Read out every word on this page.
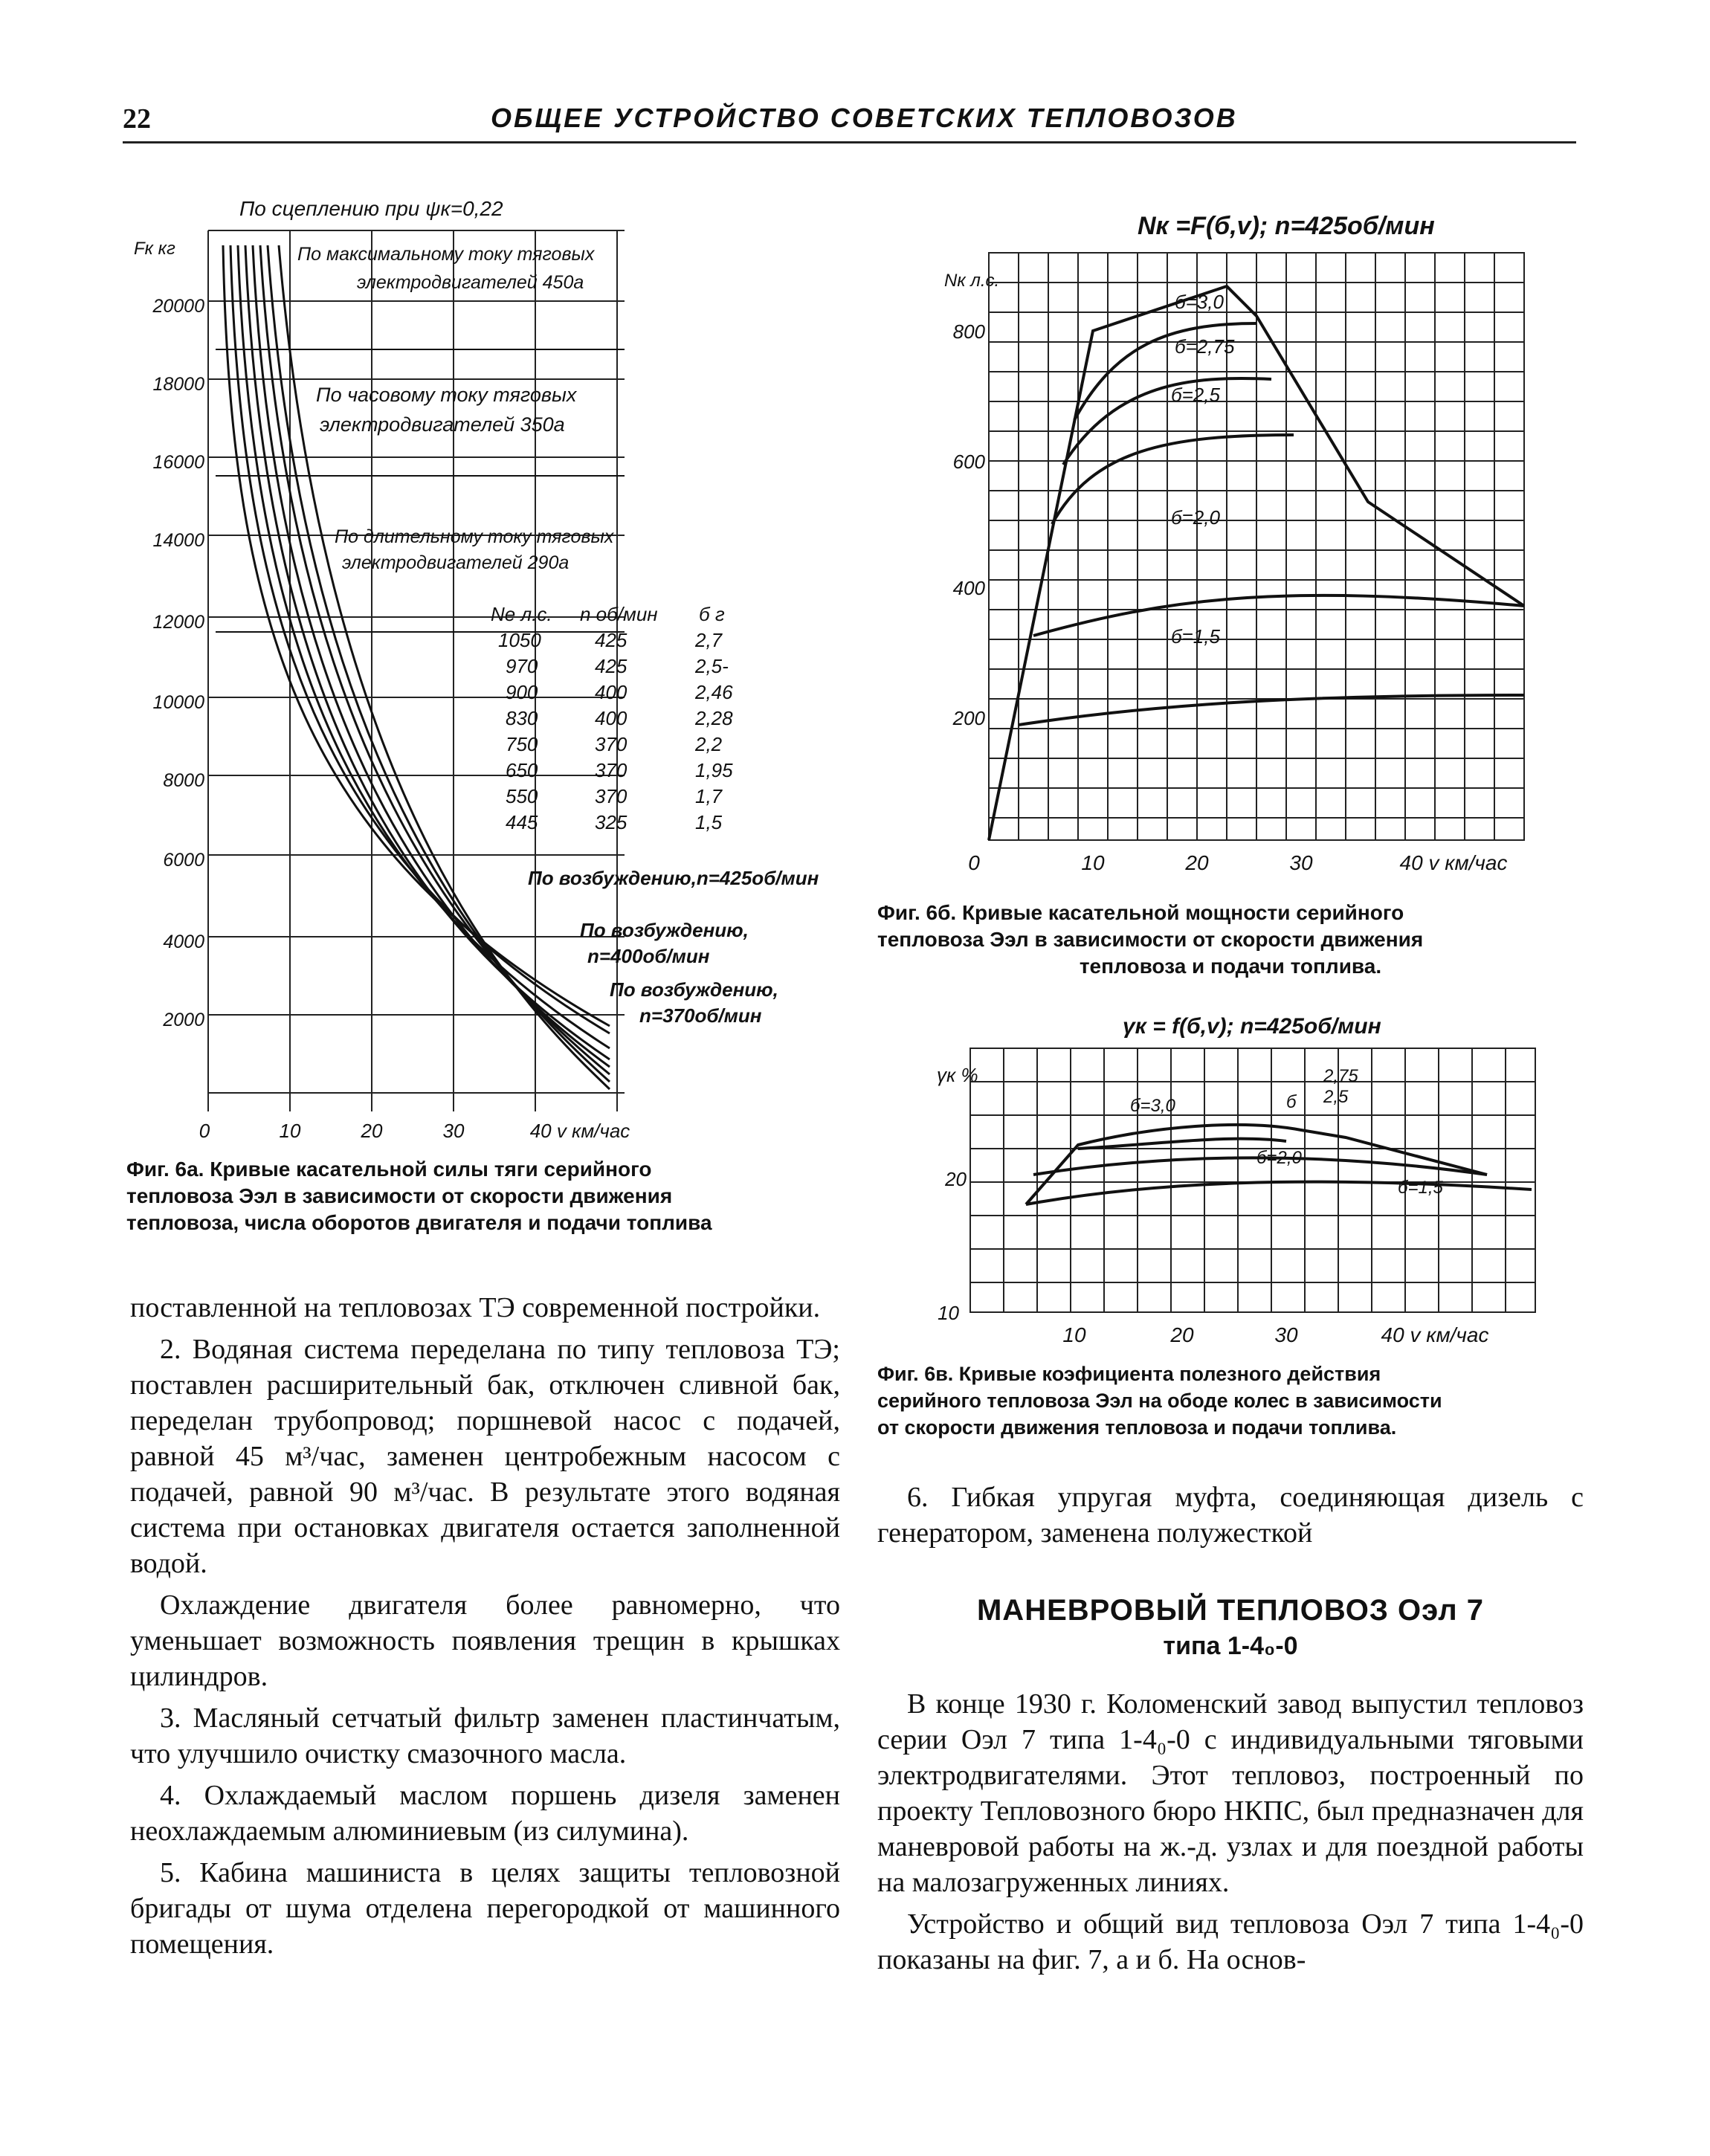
22	ОБЩЕЕ УСТРОЙСТВО СОВЕТСКИХ ТЕПЛОВОЗОВ
По сцеплению при ψк=0,22
Fк кг
20000
18000
16000
14000
12000
10000
8000
6000
4000
2000
По максимальному току тяговых
электродвигателей 450а
По часовому току тяговых
электродвигателей 350а
По длительному току тяговых
электродвигателей 290а
Ne л.с. n об/мин б г
1050	425	2,7
970	425	2,5-
900	400	2,46
830	400	2,28
750	370	2,2
650	370	1,95
550	370	1,7
445	325	1,5
По возбуждению,n=425об/мин
По возбуждению,
n=400об/мин
По возбуждению,
n=370об/мин
0	10	20	30	40 v км/час
Фиг. 6а. Кривые касательной силы тяги серийного
тепловоза Ээл в зависимости от скорости движения
тепловоза, числа оборотов двигателя и подачи топлива
Nк =F(б,v); n=425об/мин
Nк л.с.
800
600
400
200
б=3,0
б=2,75
б=2,5
б=2,0
б=1,5
0	10	20	30	40 v км/час
Фиг. 6б. Кривые касательной мощности серийного
тепловоза Ээл в зависимости от скорости движения
тепловоза и подачи топлива.
γк = f(б,v); n=425об/мин
γк %
б=3,0	б
2,75
2,5
б=2,0
б=1,5
20
10
10	20	30	40 v км/час
Фиг. 6в. Кривые коэфициента полезного действия
серийного тепловоза Ээл на ободе колес в зависимости
от скорости движения тепловоза и подачи топлива.

поставленной на тепловозах ТЭ современной постройки.

2. Водяная система переделана по типу тепловоза ТЭ; поставлен расширительный бак, отключен сливной бак, переделан трубопровод; поршневой насос с подачей, равной 45 м³/час, заменен центробежным насосом с подачей, равной 90 м³/час. В результате этого водяная система при остановках двигателя остается заполненной водой.

Охлаждение двигателя более равномерно, что уменьшает возможность появления трещин в крышках цилиндров.

3. Масляный сетчатый фильтр заменен пластинчатым, что улучшило очистку смазочного масла.

4. Охлаждаемый маслом поршень дизеля заменен неохлаждаемым алюминиевым (из силумина).

5. Кабина машиниста в целях защиты тепловозной бригады от шума отделена перегородкой от машинного помещения.

6. Гибкая упругая муфта, соединяющая дизель с генератором, заменена полужесткой

МАНЕВРОВЫЙ ТЕПЛОВОЗ Оэл 7
типа 1-4₀-0

В конце 1930 г. Коломенский завод выпустил тепловоз серии Оэл 7 типа 1-4₀-0 с индивидуальными тяговыми электродвигателями. Этот тепловоз, построенный по проекту Тепловозного бюро НКПС, был предназначен для маневровой работы на ж.-д. узлах и для поездной работы на малозагруженных линиях.

Устройство и общий вид тепловоза Оэл 7 типа 1-4₀-0 показаны на фиг. 7, а и б. На основ-
